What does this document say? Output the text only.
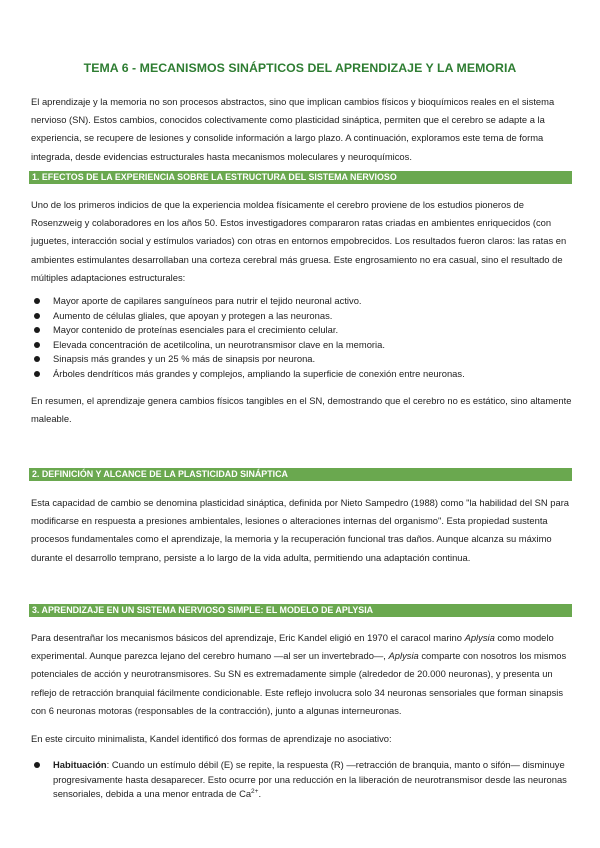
TEMA 6 - MECANISMOS SINÁPTICOS DEL APRENDIZAJE Y LA MEMORIA

El aprendizaje y la memoria no son procesos abstractos, sino que implican cambios físicos y bioquímicos reales en el sistema nervioso (SN). Estos cambios, conocidos colectivamente como plasticidad sináptica, permiten que el cerebro se adapte a la experiencia, se recupere de lesiones y consolide información a largo plazo. A continuación, exploramos este tema de forma integrada, desde evidencias estructurales hasta mecanismos moleculares y neuroquímicos.

1. EFECTOS DE LA EXPERIENCIA SOBRE LA ESTRUCTURA DEL SISTEMA NERVIOSO

Uno de los primeros indicios de que la experiencia moldea físicamente el cerebro proviene de los estudios pioneros de Rosenzweig y colaboradores en los años 50. Estos investigadores compararon ratas criadas en ambientes enriquecidos (con juguetes, interacción social y estímulos variados) con otras en entornos empobrecidos. Los resultados fueron claros: las ratas en ambientes estimulantes desarrollaban una corteza cerebral más gruesa. Este engrosamiento no era casual, sino el resultado de múltiples adaptaciones estructurales:

Mayor aporte de capilares sanguíneos para nutrir el tejido neuronal activo.
Aumento de células gliales, que apoyan y protegen a las neuronas.
Mayor contenido de proteínas esenciales para el crecimiento celular.
Elevada concentración de acetilcolina, un neurotransmisor clave en la memoria.
Sinapsis más grandes y un 25 % más de sinapsis por neurona.
Árboles dendríticos más grandes y complejos, ampliando la superficie de conexión entre neuronas.

En resumen, el aprendizaje genera cambios físicos tangibles en el SN, demostrando que el cerebro no es estático, sino altamente maleable.

2. DEFINICIÓN Y ALCANCE DE LA PLASTICIDAD SINÁPTICA

Esta capacidad de cambio se denomina plasticidad sináptica, definida por Nieto Sampedro (1988) como "la habilidad del SN para modificarse en respuesta a presiones ambientales, lesiones o alteraciones internas del organismo". Esta propiedad sustenta procesos fundamentales como el aprendizaje, la memoria y la recuperación funcional tras daños. Aunque alcanza su máximo durante el desarrollo temprano, persiste a lo largo de la vida adulta, permitiendo una adaptación continua.

3. APRENDIZAJE EN UN SISTEMA NERVIOSO SIMPLE: EL MODELO DE APLYSIA

Para desentrañar los mecanismos básicos del aprendizaje, Eric Kandel eligió en 1970 el caracol marino Aplysia como modelo experimental. Aunque parezca lejano del cerebro humano —al ser un invertebrado—, Aplysia comparte con nosotros los mismos potenciales de acción y neurotransmisores. Su SN es extremadamente simple (alrededor de 20.000 neuronas), y presenta un reflejo de retracción branquial fácilmente condicionable. Este reflejo involucra solo 34 neuronas sensoriales que forman sinapsis con 6 neuronas motoras (responsables de la contracción), junto a algunas interneuronas.

En este circuito minimalista, Kandel identificó dos formas de aprendizaje no asociativo:

Habituación: Cuando un estímulo débil (E) se repite, la respuesta (R) —retracción de branquia, manto o sifón— disminuye progresivamente hasta desaparecer. Esto ocurre por una reducción en la liberación de neurotransmisor desde las neuronas sensoriales, debida a una menor entrada de $Ca^{2+}$.
